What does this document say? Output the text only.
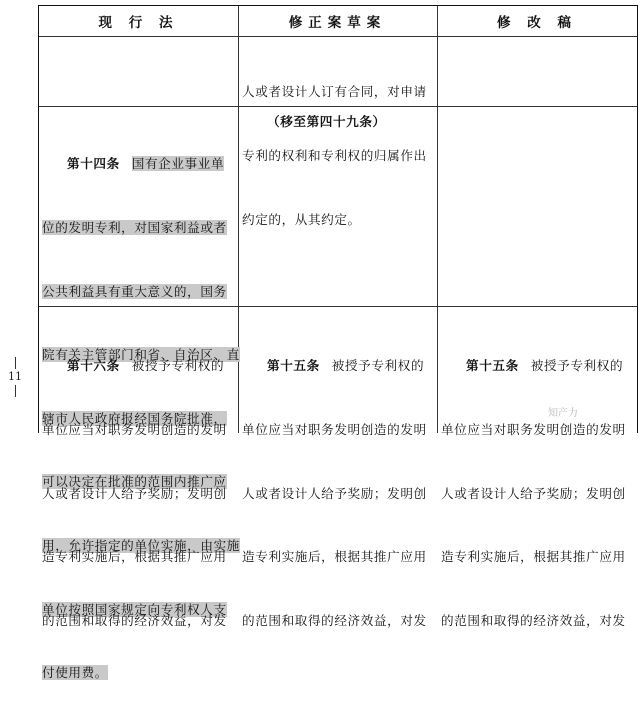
11
现 行 法	修正案草案	修 改 稿

人或者设计人订有合同，对申请

专利的权利和专利权的归属作出

约定的，从其约定。

第十四条 国有企业事业单

位的发明专利，对国家利益或者

公共利益具有重大意义的，国务

院有关主管部门和省、自治区、直

辖市人民政府报经国务院批准，

可以决定在批准的范围内推广应

用，允许指定的单位实施，由实施

单位按照国家规定向专利权人支

付使用费。

（移至第四十九条）

第十六条 被授予专利权的

单位应当对职务发明创造的发明

人或者设计人给予奖励；发明创

造专利实施后，根据其推广应用

的范围和取得的经济效益，对发

第十五条 被授予专利权的

单位应当对职务发明创造的发明

人或者设计人给予奖励；发明创

造专利实施后，根据其推广应用

的范围和取得的经济效益，对发

第十五条 被授予专利权的

单位应当对职务发明创造的发明

人或者设计人给予奖励；发明创

造专利实施后，根据其推广应用

的范围和取得的经济效益，对发

知产力
